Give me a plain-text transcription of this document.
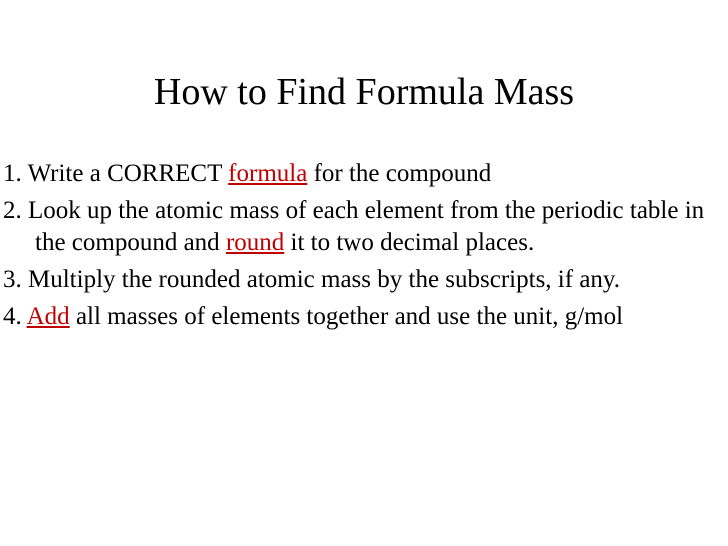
How to Find Formula Mass
1. Write a CORRECT formula for the compound
2. Look up the atomic mass of each element from the periodic table in the compound and round it to two decimal places.
3. Multiply the rounded atomic mass by the subscripts, if any.
4. Add all masses of elements together and use the unit, g/mol
